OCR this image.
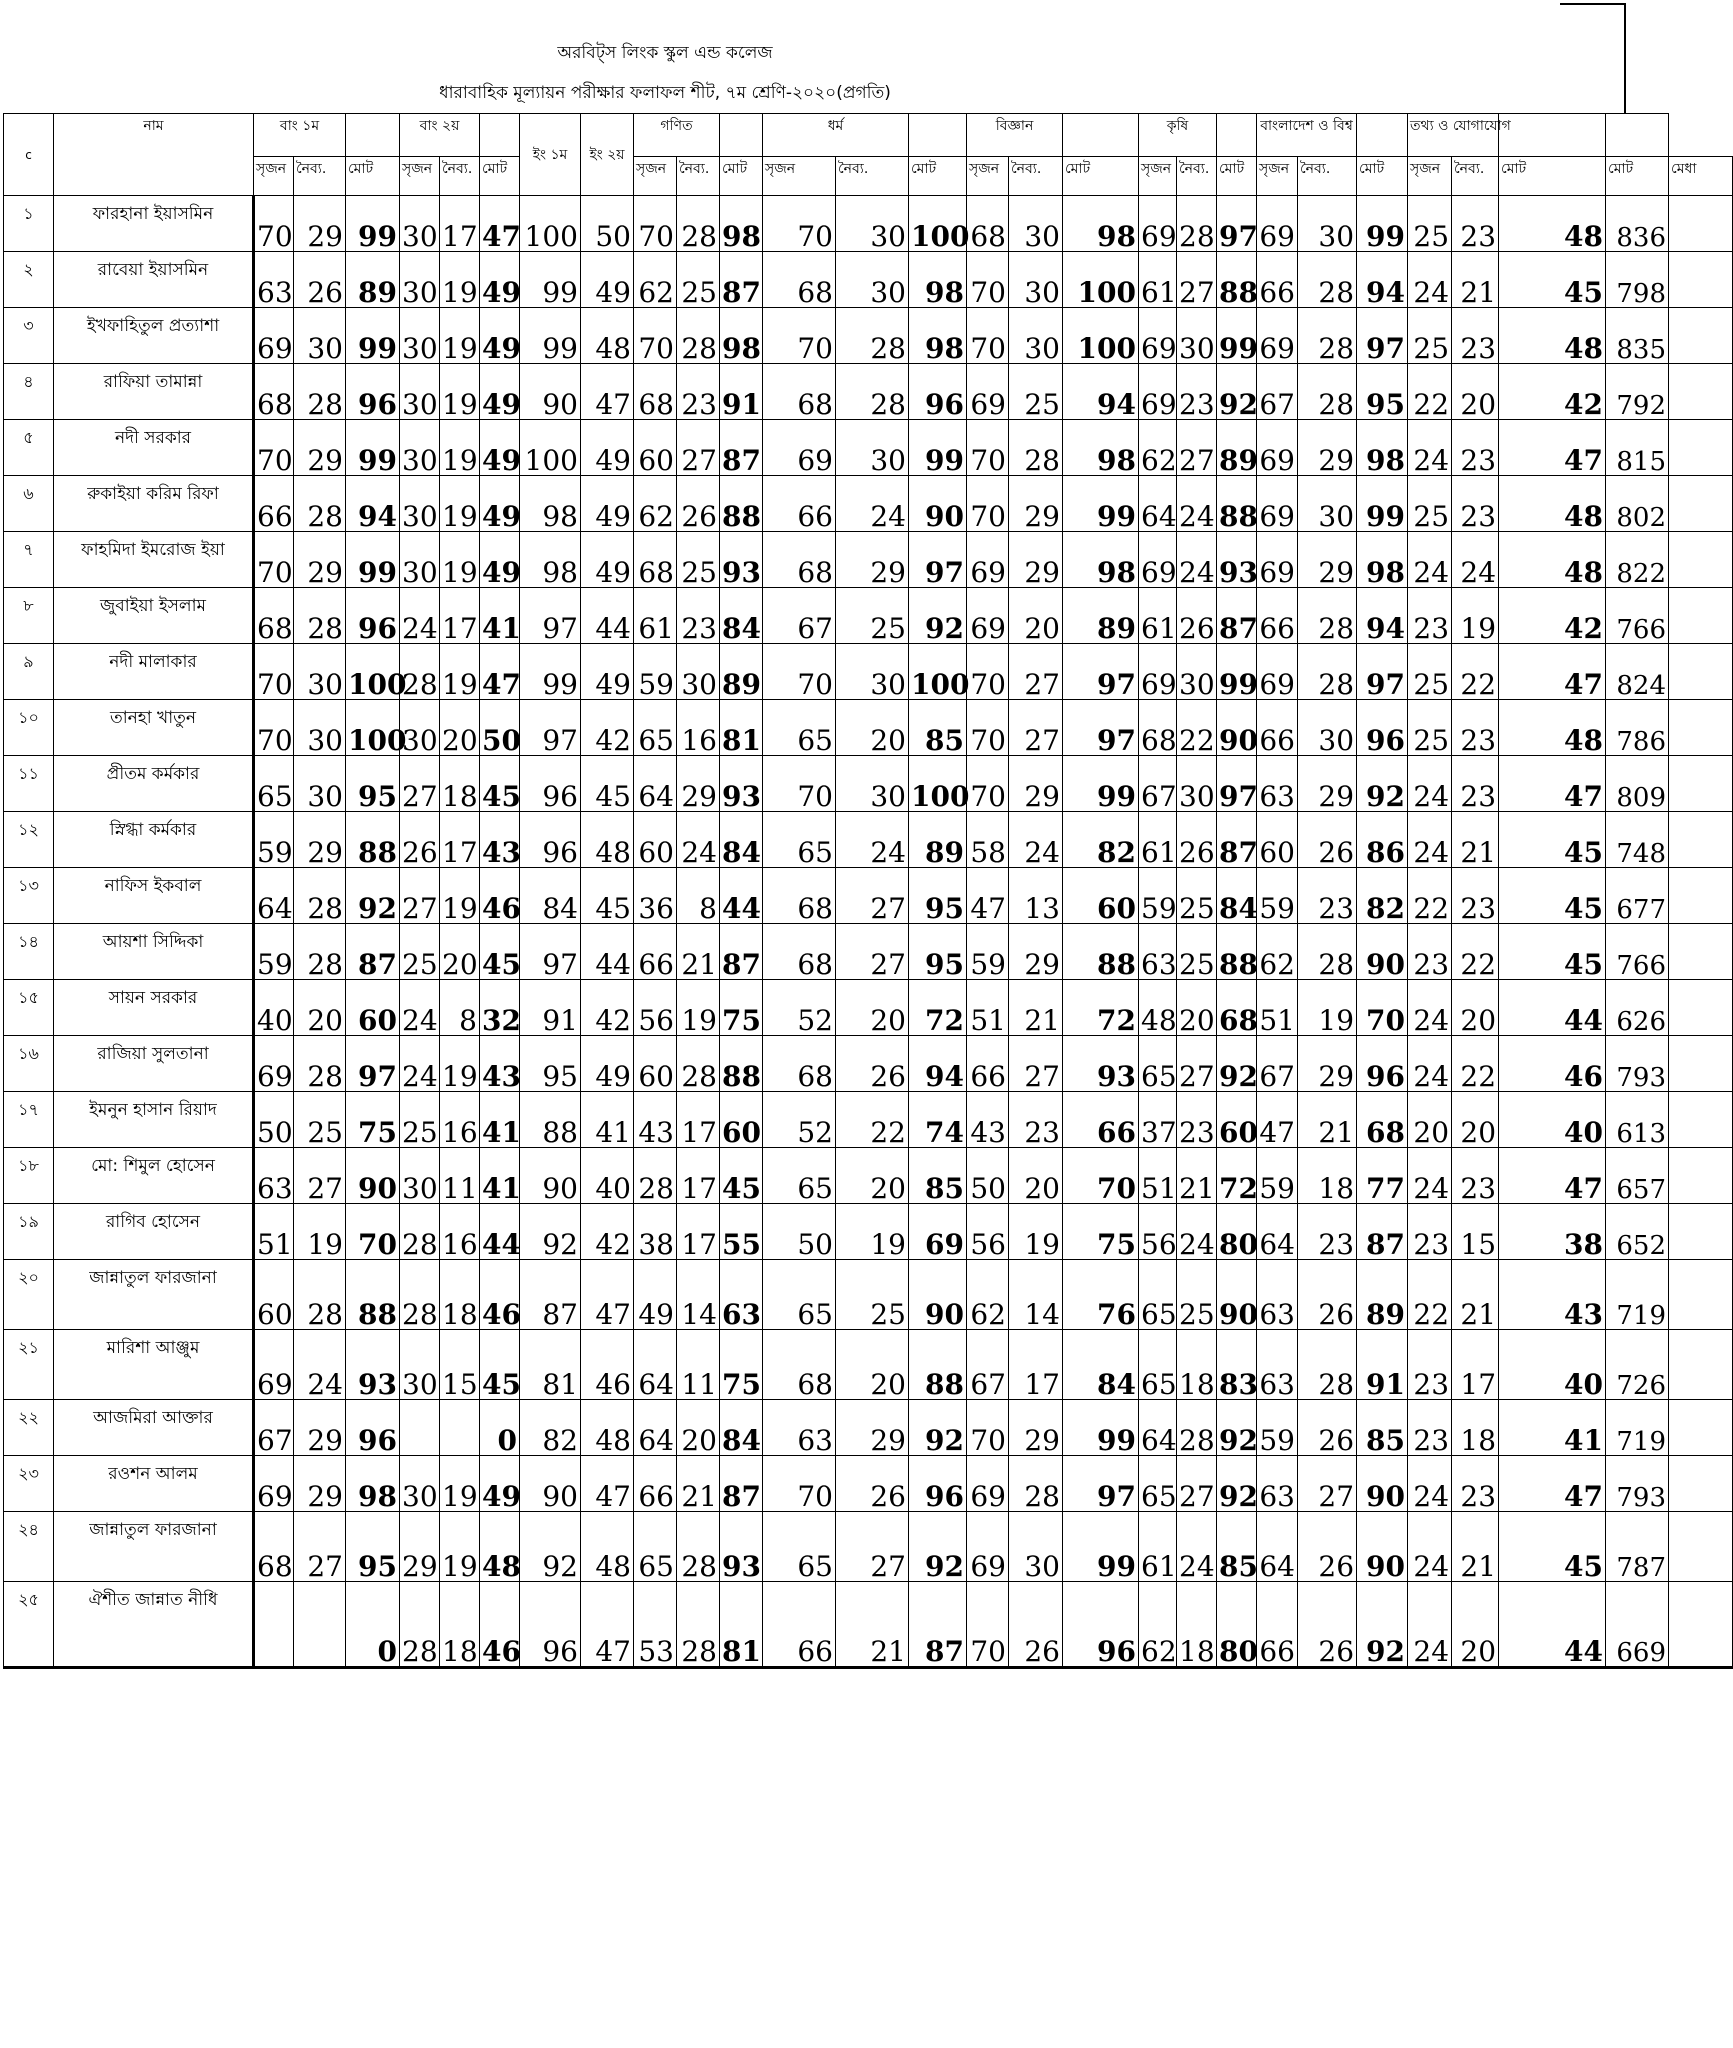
অরবিট্স লিংক স্কুল এন্ড কলেজ
ধারাবাহিক মূল্যায়ন পরীক্ষার ফলাফল শীট, ৭ম শ্রেণি-২০২০(প্রগতি)
c	নাম	বাং ১ম			বাং ২য়			ইং ১ম	ইং ২য়	গণিত			ধর্ম			বিজ্ঞান			কৃষি			বাংলাদেশ ও বিশ্ব			তথ্য ও যোগাযোগ				
		সৃজন	নৈব্য.	মোট	সৃজন	নৈব্য.	মোট			সৃজন	নৈব্য.	মোট	সৃজন	নৈব্য.	মোট	সৃজন	নৈব্য.	মোট	সৃজন	নৈব্য.	মোট	সৃজন	নৈব্য.	মোট	সৃজন	নৈব্য.	মোট	মোট	মেধা
১	ফারহানা ইয়াসমিন	70	29	99	30	17	47	100	50	70	28	98	70	30	100	68	30	98	69	28	97	69	30	99	25	23	48	836	
২	রাবেয়া ইয়াসমিন	63	26	89	30	19	49	99	49	62	25	87	68	30	98	70	30	100	61	27	88	66	28	94	24	21	45	798	
৩	ইখফাহিতুল প্রত্যাশা	69	30	99	30	19	49	99	48	70	28	98	70	28	98	70	30	100	69	30	99	69	28	97	25	23	48	835	
৪	রাফিয়া তামান্না	68	28	96	30	19	49	90	47	68	23	91	68	28	96	69	25	94	69	23	92	67	28	95	22	20	42	792	
৫	নদী সরকার	70	29	99	30	19	49	100	49	60	27	87	69	30	99	70	28	98	62	27	89	69	29	98	24	23	47	815	
৬	রুকাইয়া করিম রিফা	66	28	94	30	19	49	98	49	62	26	88	66	24	90	70	29	99	64	24	88	69	30	99	25	23	48	802	
৭	ফাহমিদা ইমরোজ ইয়া	70	29	99	30	19	49	98	49	68	25	93	68	29	97	69	29	98	69	24	93	69	29	98	24	24	48	822	
৮	জুবাইয়া ইসলাম	68	28	96	24	17	41	97	44	61	23	84	67	25	92	69	20	89	61	26	87	66	28	94	23	19	42	766	
৯	নদী মালাকার	70	30	100	28	19	47	99	49	59	30	89	70	30	100	70	27	97	69	30	99	69	28	97	25	22	47	824	
১০	তানহা খাতুন	70	30	100	30	20	50	97	42	65	16	81	65	20	85	70	27	97	68	22	90	66	30	96	25	23	48	786	
১১	প্রীতম কর্মকার	65	30	95	27	18	45	96	45	64	29	93	70	30	100	70	29	99	67	30	97	63	29	92	24	23	47	809	
১২	স্নিগ্ধা কর্মকার	59	29	88	26	17	43	96	48	60	24	84	65	24	89	58	24	82	61	26	87	60	26	86	24	21	45	748	
১৩	নাফিস ইকবাল	64	28	92	27	19	46	84	45	36	8	44	68	27	95	47	13	60	59	25	84	59	23	82	22	23	45	677	
১৪	আয়শা সিদ্দিকা	59	28	87	25	20	45	97	44	66	21	87	68	27	95	59	29	88	63	25	88	62	28	90	23	22	45	766	
১৫	সায়ন সরকার	40	20	60	24	8	32	91	42	56	19	75	52	20	72	51	21	72	48	20	68	51	19	70	24	20	44	626	
১৬	রাজিয়া সুলতানা	69	28	97	24	19	43	95	49	60	28	88	68	26	94	66	27	93	65	27	92	67	29	96	24	22	46	793	
১৭	ইমনুন হাসান রিয়াদ	50	25	75	25	16	41	88	41	43	17	60	52	22	74	43	23	66	37	23	60	47	21	68	20	20	40	613	
১৮	মো: শিমুল হোসেন	63	27	90	30	11	41	90	40	28	17	45	65	20	85	50	20	70	51	21	72	59	18	77	24	23	47	657	
১৯	রাগিব হোসেন	51	19	70	28	16	44	92	42	38	17	55	50	19	69	56	19	75	56	24	80	64	23	87	23	15	38	652	
২০	জান্নাতুল ফারজানা	60	28	88	28	18	46	87	47	49	14	63	65	25	90	62	14	76	65	25	90	63	26	89	22	21	43	719	
২১	মারিশা আঞ্জুম	69	24	93	30	15	45	81	46	64	11	75	68	20	88	67	17	84	65	18	83	63	28	91	23	17	40	726	
২২	আজমিরা আক্তার	67	29	96			0	82	48	64	20	84	63	29	92	70	29	99	64	28	92	59	26	85	23	18	41	719	
২৩	রওশন আলম	69	29	98	30	19	49	90	47	66	21	87	70	26	96	69	28	97	65	27	92	63	27	90	24	23	47	793	
২৪	জান্নাতুল ফারজানা	68	27	95	29	19	48	92	48	65	28	93	65	27	92	69	30	99	61	24	85	64	26	90	24	21	45	787	
২৫	ঐশীত জান্নাত নীধি			0	28	18	46	96	47	53	28	81	66	21	87	70	26	96	62	18	80	66	26	92	24	20	44	669	
